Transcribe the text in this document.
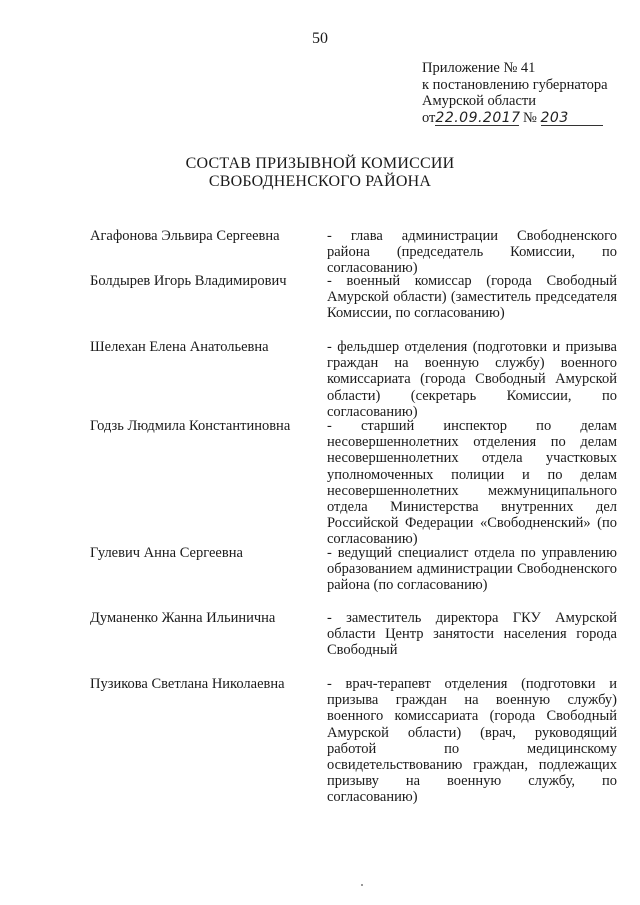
50
Приложение № 41
к постановлению губернатора
Амурской области
от22.09.2017 № 203
СОСТАВ ПРИЗЫВНОЙ КОМИССИИ
СВОБОДНЕНСКОГО РАЙОНА
Агафонова Эльвира Сергеевна	- глава администрации Свободненского района (председатель Комиссии, по согласованию)
Болдырев Игорь Владимирович	- военный комиссар (города Свободный Амурской области) (заместитель председателя Комиссии, по согласованию)
Шелехан Елена Анатольевна	- фельдшер отделения (подготовки и призыва граждан на военную службу) военного комиссариата (города Свободный Амурской области) (секретарь Комиссии, по согласованию)
Годзь Людмила Константиновна	- старший инспектор по делам несовершеннолетних отделения по делам несовершеннолетних отдела участковых уполномоченных полиции и по делам несовершеннолетних межмуниципального отдела Министерства внутренних дел Российской Федерации «Свободненский» (по согласованию)
Гулевич Анна Сергеевна	- ведущий специалист отдела по управлению образованием администрации Свободненского района (по согласованию)
Думаненко Жанна Ильинична	- заместитель директора ГКУ Амурской области Центр занятости населения города Свободный
Пузикова Светлана Николаевна	- врач-терапевт отделения (подготовки и призыва граждан на военную службу) военного комиссариата (города Свободный Амурской области) (врач, руководящий работой по медицинскому освидетельствованию граждан, подлежащих призыву на военную службу, по согласованию)
